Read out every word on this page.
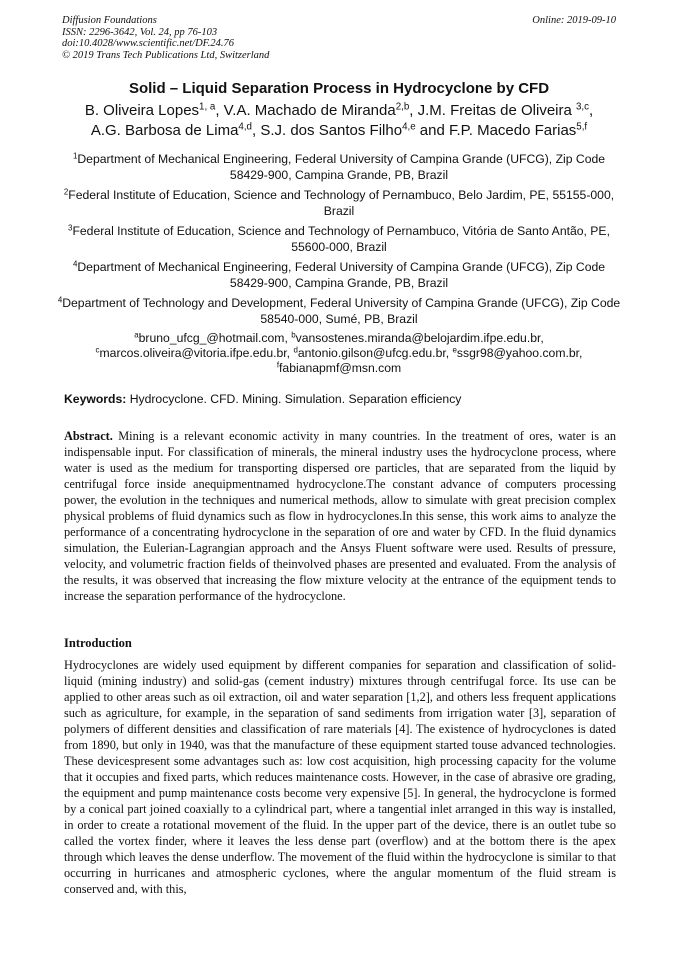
Diffusion Foundations
ISSN: 2296-3642, Vol. 24, pp 76-103
doi:10.4028/www.scientific.net/DF.24.76
© 2019 Trans Tech Publications Ltd, Switzerland
Online: 2019-09-10
Solid – Liquid Separation Process in Hydrocyclone by CFD
B. Oliveira Lopes$^{1, a}$, V.A. Machado de Miranda$^{2,b}$, J.M. Freitas de Oliveira $^{3,c}$,
A.G. Barbosa de Lima$^{4,d}$, S.J. dos Santos Filho$^{4,e}$ and F.P. Macedo Farias$^{5,f}$
$^1$Department of Mechanical Engineering, Federal University of Campina Grande (UFCG), Zip Code 58429-900, Campina Grande, PB, Brazil
$^2$Federal Institute of Education, Science and Technology of Pernambuco, Belo Jardim, PE, 55155-000, Brazil
$^3$Federal Institute of Education, Science and Technology of Pernambuco, Vitória de Santo Antão, PE, 55600-000, Brazil
$^4$Department of Mechanical Engineering, Federal University of Campina Grande (UFCG), Zip Code 58429-900, Campina Grande, PB, Brazil
$^4$Department of Technology and Development, Federal University of Campina Grande (UFCG), Zip Code 58540-000, Sumé, PB, Brazil
$^a$bruno_ufcg_@hotmail.com, $^b$vansostenes.miranda@belojardim.ifpe.edu.br,
$^c$marcos.oliveira@vitoria.ifpe.edu.br, $^d$antonio.gilson@ufcg.edu.br, $^e$ssgr98@yahoo.com.br,
$^f$fabianapmf@msn.com
Keywords: Hydrocyclone. CFD. Mining. Simulation. Separation efficiency

Abstract. Mining is a relevant economic activity in many countries. In the treatment of ores, water is an indispensable input. For classification of minerals, the mineral industry uses the hydrocyclone process, where water is used as the medium for transporting dispersed ore particles, that are separated from the liquid by centrifugal force inside anequipmentnamed hydrocyclone.The constant advance of computers processing power, the evolution in the techniques and numerical methods, allow to simulate with great precision complex physical problems of fluid dynamics such as flow in hydrocyclones.In this sense, this work aims to analyze the performance of a concentrating hydrocyclone in the separation of ore and water by CFD. In the fluid dynamics simulation, the Eulerian-Lagrangian approach and the Ansys Fluent software were used. Results of pressure, velocity, and volumetric fraction fields of theinvolved phases are presented and evaluated. From the analysis of the results, it was observed that increasing the flow mixture velocity at the entrance of the equipment tends to increase the separation performance of the hydrocyclone.

Introduction

Hydrocyclones are widely used equipment by different companies for separation and classification of solid-liquid (mining industry) and solid-gas (cement industry) mixtures through centrifugal force. Its use can be applied to other areas such as oil extraction, oil and water separation [1,2], and others less frequent applications such as agriculture, for example, in the separation of sand sediments from irrigation water [3], separation of polymers of different densities and classification of rare materials [4]. The existence of hydrocyclones is dated from 1890, but only in 1940, was that the manufacture of these equipment started touse advanced technologies. These devicespresent some advantages such as: low cost acquisition, high processing capacity for the volume that it occupies and fixed parts, which reduces maintenance costs. However, in the case of abrasive ore grading, the equipment and pump maintenance costs become very expensive [5]. In general, the hydrocyclone is formed by a conical part joined coaxially to a cylindrical part, where a tangential inlet arranged in this way is installed, in order to create a rotational movement of the fluid. In the upper part of the device, there is an outlet tube so called the vortex finder, where it leaves the less dense part (overflow) and at the bottom there is the apex through which leaves the dense underflow. The movement of the fluid within the hydrocyclone is similar to that occurring in hurricanes and atmospheric cyclones, where the angular momentum of the fluid stream is conserved and, with this,
